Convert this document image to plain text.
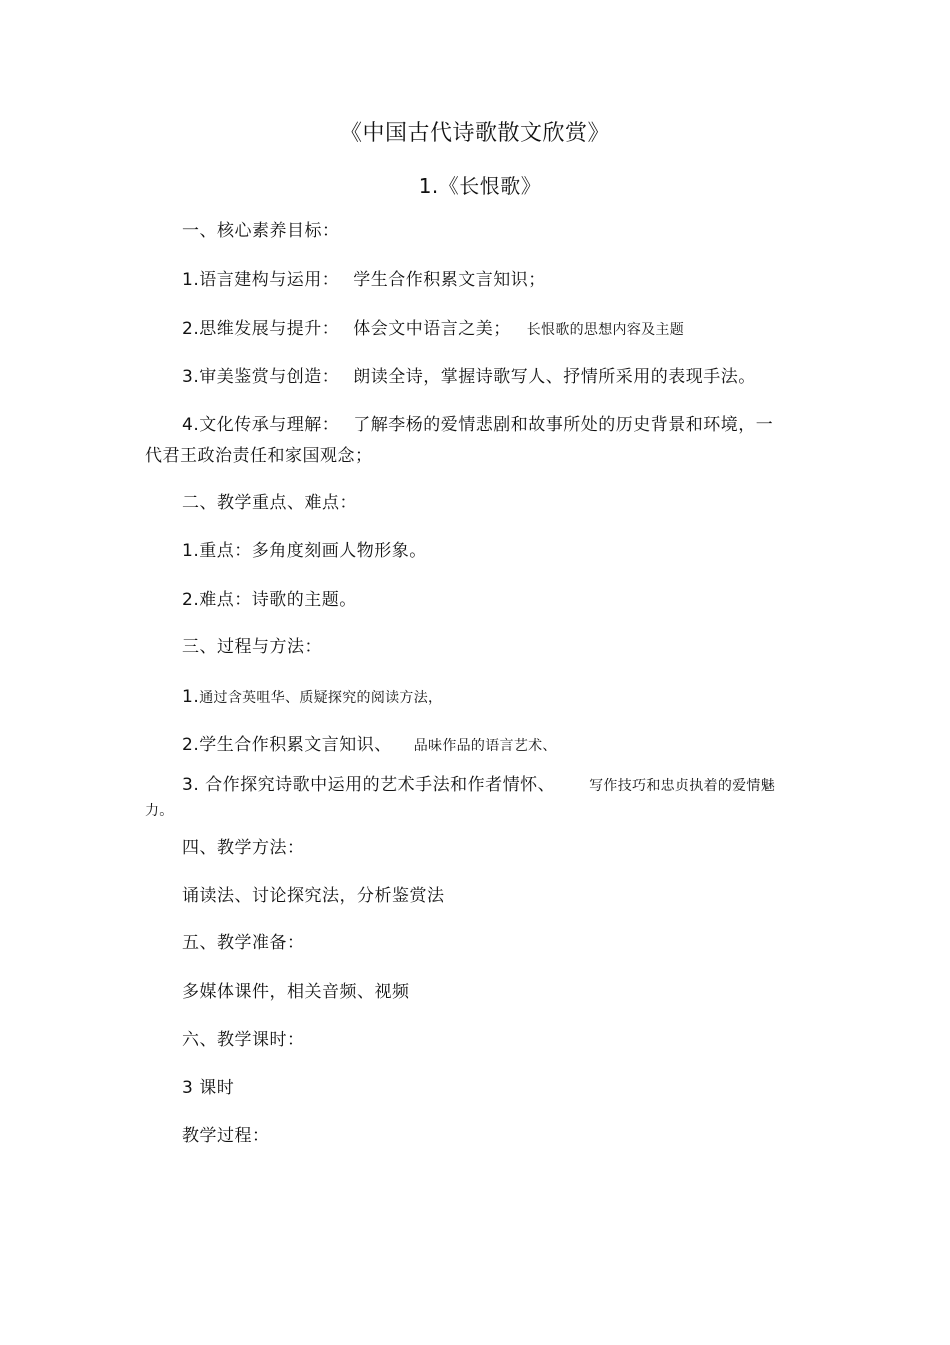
《中国古代诗歌散文欣赏》
1.《长恨歌》
一、核心素养目标：
1.语言建构与运用： 学生合作积累文言知识；
2.思维发展与提升： 体会文中语言之美； 长恨歌的思想内容及主题
3.审美鉴赏与创造： 朗读全诗，掌握诗歌写人、抒情所采用的表现手法。
4.文化传承与理解： 了解李杨的爱情悲剧和故事所处的历史背景和环境，一
代君王政治责任和家国观念；
二、教学重点、难点：
1.重点：多角度刻画人物形象。
2.难点：诗歌的主题。
三、过程与方法：
1.通过含英咀华、质疑探究的阅读方法，
2.学生合作积累文言知识、 品味作品的语言艺术、
3. 合作探究诗歌中运用的艺术手法和作者情怀、 写作技巧和忠贞执着的爱情魅
力。
四、教学方法：
诵读法、讨论探究法，分析鉴赏法
五、教学准备：
多媒体课件，相关音频、视频
六、教学课时：
3 课时
教学过程：
